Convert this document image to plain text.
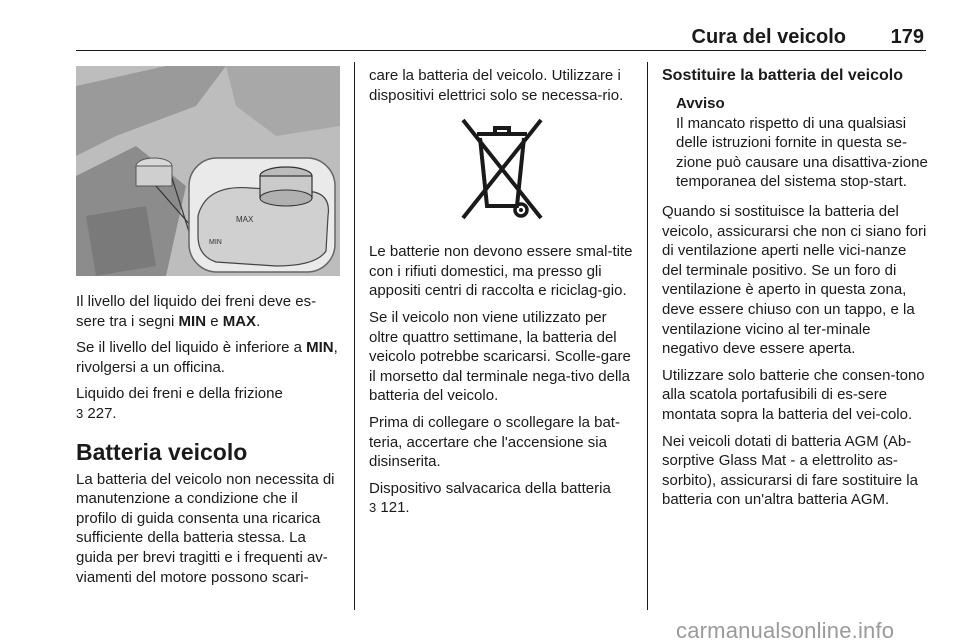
Cura del veicolo 179
MAX
MIN

Il livello del liquido dei freni deve es-sere tra i segni MIN e MAX.

Se il livello del liquido è inferiore a MIN, rivolgersi a un officina.

Liquido dei freni e della frizione
3 227.

Batteria veicolo

La batteria del veicolo non necessita di manutenzione a condizione che il profilo di guida consenta una ricarica sufficiente della batteria stessa. La guida per brevi tragitti e i frequenti av-viamenti del motore possono scari-

care la batteria del veicolo. Utilizzare i dispositivi elettrici solo se necessa-rio.

Le batterie non devono essere smal-tite con i rifiuti domestici, ma presso gli appositi centri di raccolta e riciclag-gio.

Se il veicolo non viene utilizzato per oltre quattro settimane, la batteria del veicolo potrebbe scaricarsi. Scolle-gare il morsetto dal terminale nega-tivo della batteria del veicolo.

Prima di collegare o scollegare la bat-teria, accertare che l'accensione sia disinserita.

Dispositivo salvacarica della batteria
3 121.

Sostituire la batteria del veicolo
Avviso
Il mancato rispetto di una qualsiasi delle istruzioni fornite in questa se-zione può causare una disattiva-zione temporanea del sistema stop-start.

Quando si sostituisce la batteria del veicolo, assicurarsi che non ci siano fori di ventilazione aperti nelle vici-nanze del terminale positivo. Se un foro di ventilazione è aperto in questa zona, deve essere chiuso con un tappo, e la ventilazione vicino al ter-minale negativo deve essere aperta.

Utilizzare solo batterie che consen-tono alla scatola portafusibili di es-sere montata sopra la batteria del vei-colo.

Nei veicoli dotati di batteria AGM (Ab-sorptive Glass Mat - a elettrolito as-sorbito), assicurarsi di fare sostituire la batteria con un'altra batteria AGM.

carmanualsonline.info
